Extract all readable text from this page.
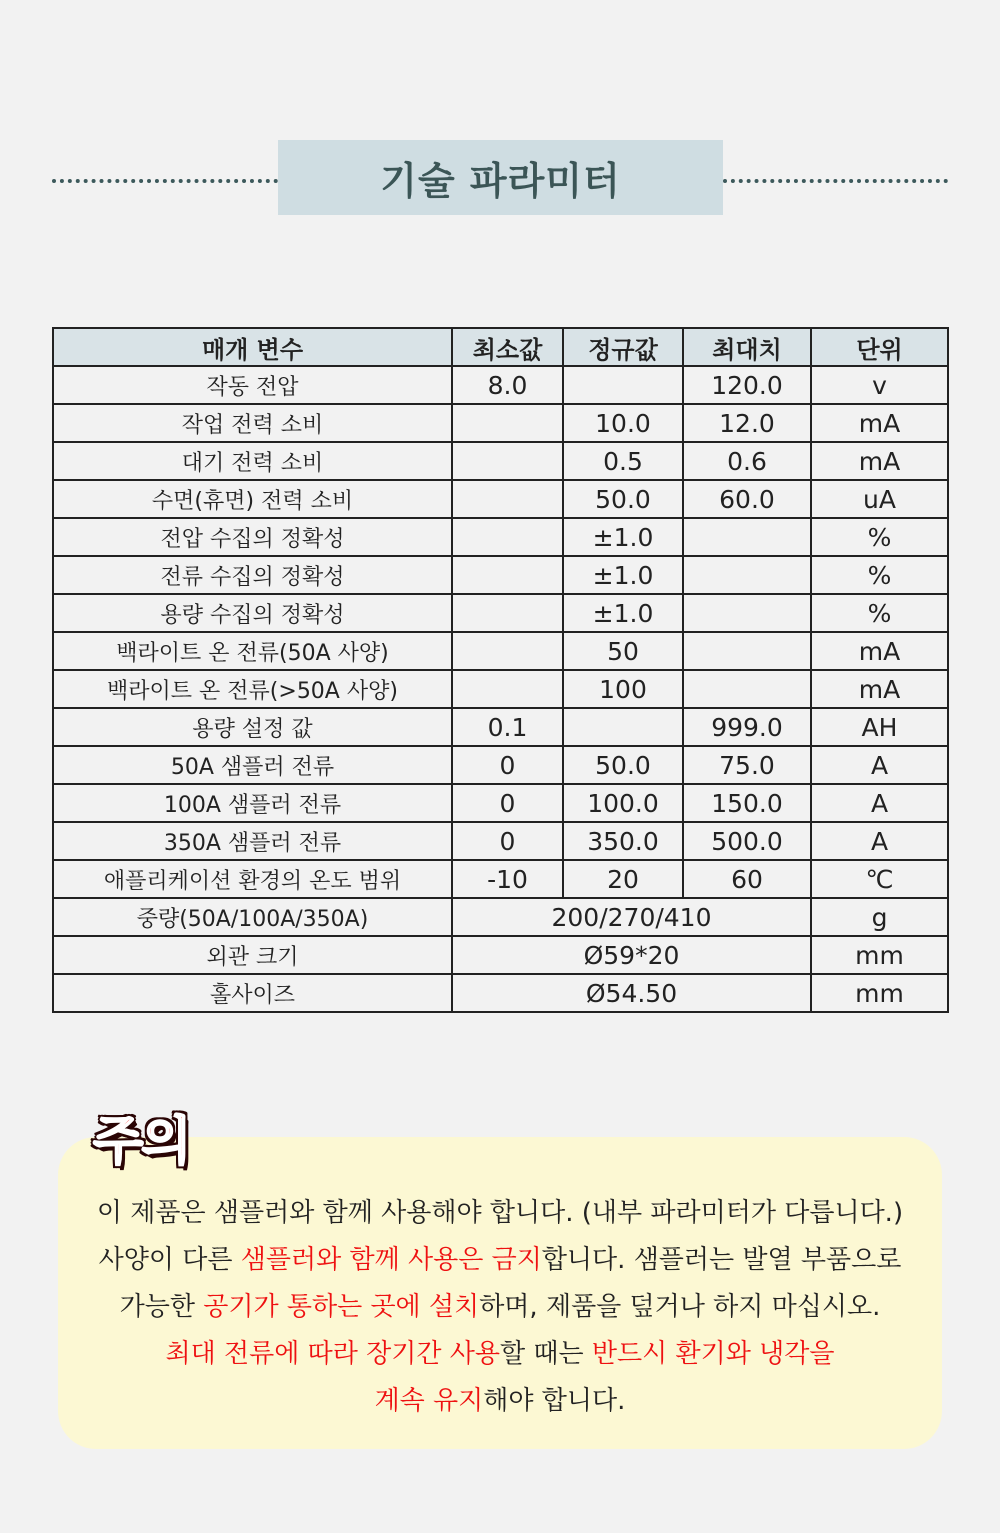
기술 파라미터
매개 변수	최소값	정규값	최대치	단위
작동 전압	8.0		120.0	v
작업 전력 소비		10.0	12.0	mA
대기 전력 소비		0.5	0.6	mA
수면(휴면) 전력 소비		50.0	60.0	uA
전압 수집의 정확성		±1.0		%
전류 수집의 정확성		±1.0		%
용량 수집의 정확성		±1.0		%
백라이트 온 전류(50A 사양)		50		mA
백라이트 온 전류(>50A 사양)		100		mA
용량 설정 값	0.1		999.0	AH
50A 샘플러 전류	0	50.0	75.0	A
100A 샘플러 전류	0	100.0	150.0	A
350A 샘플러 전류	0	350.0	500.0	A
애플리케이션 환경의 온도 범위	-10	20	60	℃
중량(50A/100A/350A)	200/270/410			g
외관 크기	Ø59*20			mm
홀사이즈	Ø54.50			mm
주의
이 제품은 샘플러와 함께 사용해야 합니다. (내부 파라미터가 다릅니다.)
사양이 다른 샘플러와 함께 사용은 금지합니다. 샘플러는 발열 부품으로
가능한 공기가 통하는 곳에 설치하며, 제품을 덮거나 하지 마십시오.
최대 전류에 따라 장기간 사용할 때는 반드시 환기와 냉각을
계속 유지해야 합니다.
